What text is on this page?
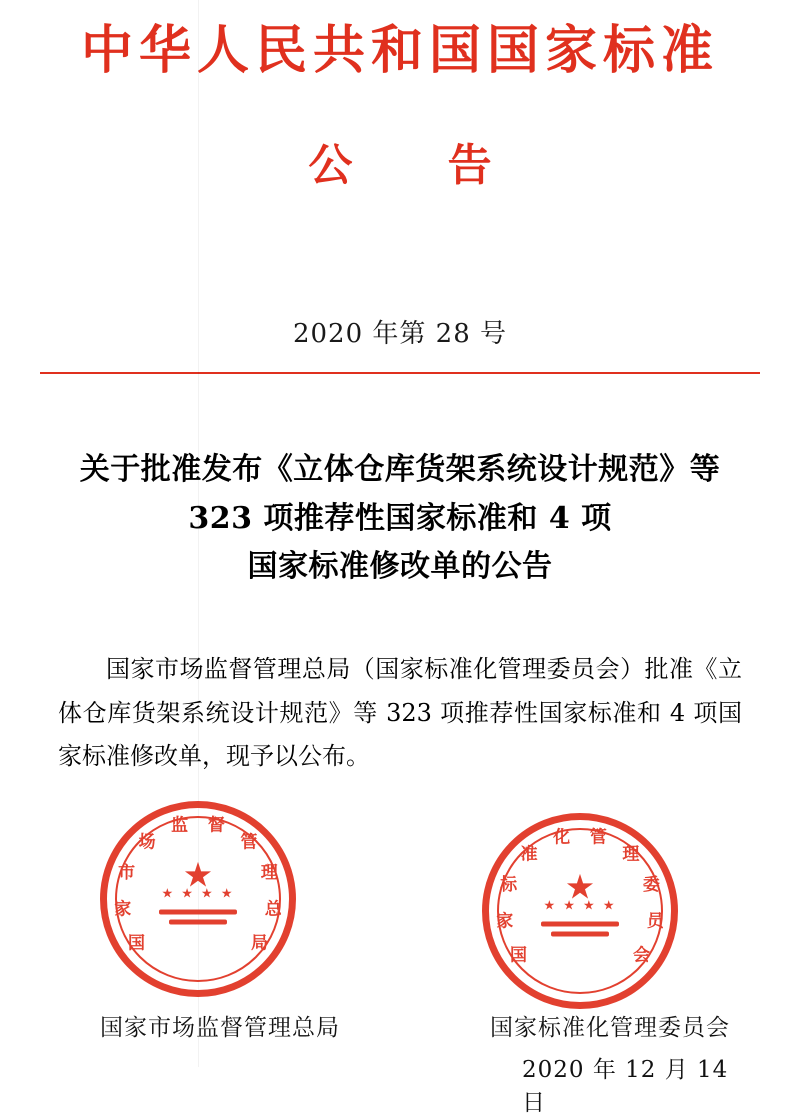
中华人民共和国国家标准
公 告
2020 年第 28 号
关于批准发布《立体仓库货架系统设计规范》等
323 项推荐性国家标准和 4 项
国家标准修改单的公告

国家市场监督管理总局（国家标准化管理委员会）批准《立体仓库货架系统设计规范》等 323 项推荐性国家标准和 4 项国家标准修改单，现予以公布。

★
★ ★ ★ ★
国
家
市
场
监 督
管
理
总
局
★
★ ★ ★ ★
国
家
标
准
化 管
理
委
员
会
国家市场监督管理总局	国家标准化管理委员会
2020 年 12 月 14 日
